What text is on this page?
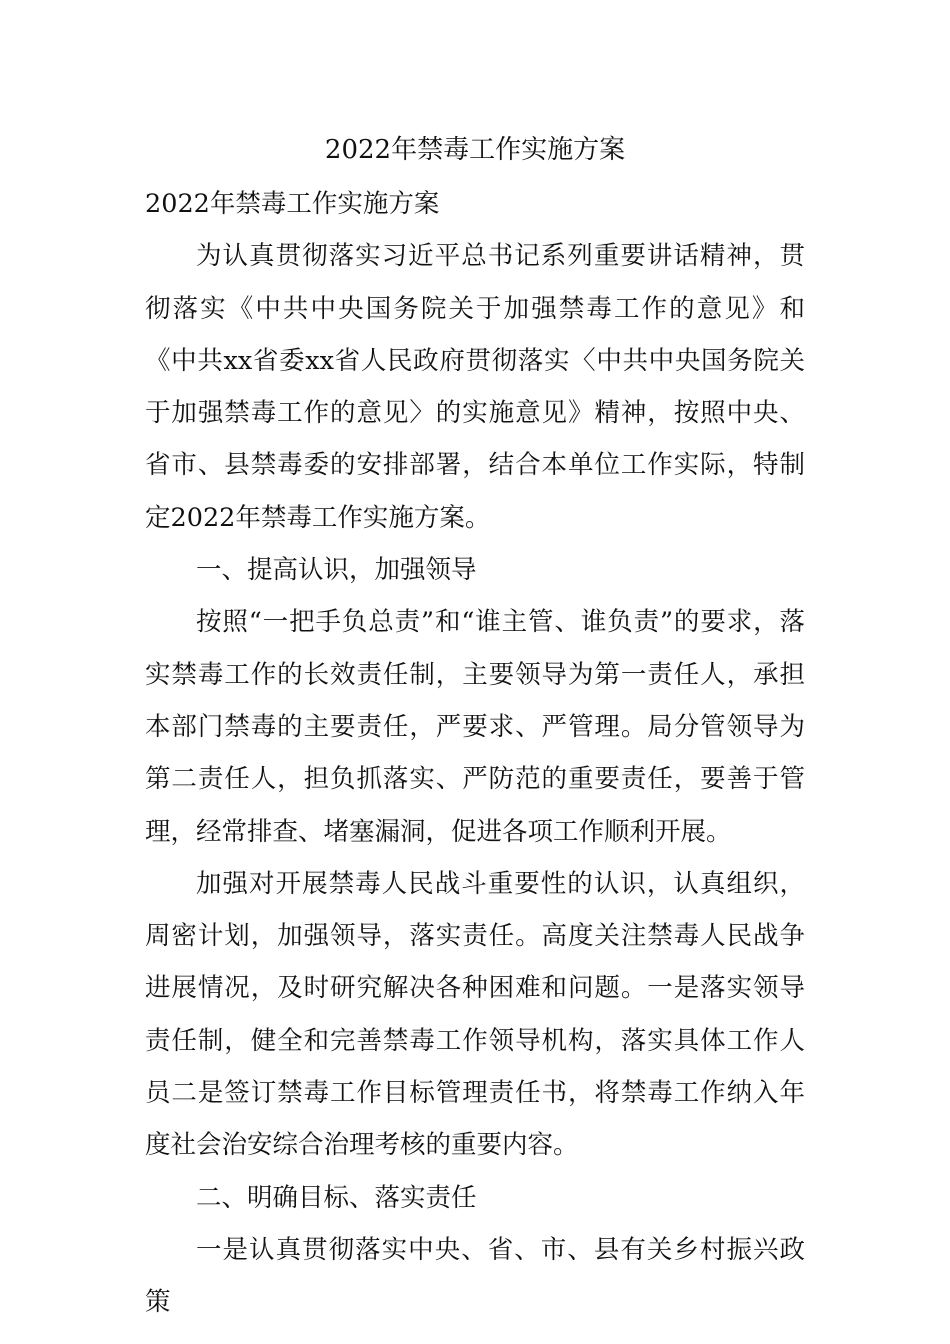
2022年禁毒工作实施方案

2022年禁毒工作实施方案

为认真贯彻落实习近平总书记系列重要讲话精神，贯彻落实《中共中央国务院关于加强禁毒工作的意见》和《中共xx省委xx省人民政府贯彻落实〈中共中央国务院关于加强禁毒工作的意见〉的实施意见》精神，按照中央、省市、县禁毒委的安排部署，结合本单位工作实际，特制定2022年禁毒工作实施方案。

一、提高认识，加强领导

按照“一把手负总责”和“谁主管、谁负责”的要求，落实禁毒工作的长效责任制，主要领导为第一责任人，承担本部门禁毒的主要责任，严要求、严管理。局分管领导为第二责任人，担负抓落实、严防范的重要责任，要善于管理，经常排查、堵塞漏洞，促进各项工作顺利开展。

加强对开展禁毒人民战斗重要性的认识，认真组织，周密计划，加强领导，落实责任。高度关注禁毒人民战争进展情况，及时研究解决各种困难和问题。一是落实领导责任制，健全和完善禁毒工作领导机构，落实具体工作人员二是签订禁毒工作目标管理责任书，将禁毒工作纳入年度社会治安综合治理考核的重要内容。

二、明确目标、落实责任

一是认真贯彻落实中央、省、市、县有关乡村振兴政策
